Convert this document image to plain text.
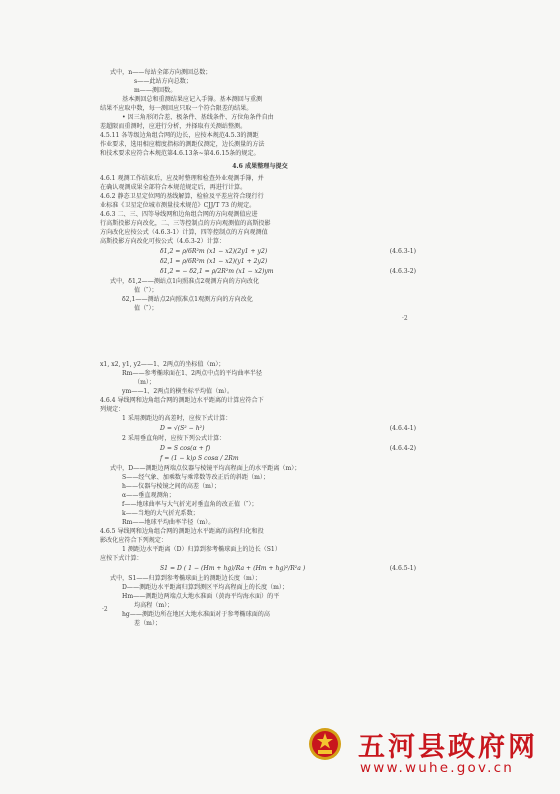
式中，n——每站全部方向测回总数；
s——此站方向总数；
m——测回数。
基本测回总和重测结果应记入手簿。基本测回与重测
结果不应取中数，每一测回应只取一个符合限差的结果。
• 因三角形闭合差、极条件、基线条件、方位角条件自由
差超限而重测时，应进行分析，并择取有关测站整测。
4.5.11 各等级边角组合网的边长，应按本规范4.5.3的测距
作业要求，选用相应精度指标的测距仪测定，边长测量的方法
和技术要求应符合本规范第4.6.13条~第4.6.15条的规定。
4.6 成果整理与提交
4.6.1 观测工作结束后，应及时整理和检查外业观测手簿，并
在确认观测成果全部符合本规范规定后，再进行计算。
4.6.2 静态卫星定位网的基线解算，检验及平差应符合现行行
业标准《卫星定位城市测量技术规范》CJJ/T 73 的规定。
4.6.3 二、三、四等导线网和边角组合网的方向观测值应进
行高斯投影方向改化，二、三等控制点的方向观测值的高斯投影
方向改化应按公式（4.6.3-1）计算，四等控制点的方向观测值
高斯投影方向改化可按公式（4.6.3-2）计算：
δ1,2 = ρ/6R²m (x1 − x2)(2y1 + y2)	(4.6.3-1)
δ2,1 = ρ/6R²m (x1 − x2)(y1 + 2y2)
δ1,2 = − δ2,1 = ρ/2R²m (x1 − x2)ym	(4.6.3-2)
式中，δ1,2——测站点1向照准点2观测方向的方向改化
值（″）；
δ2,1——测站点2向照准点1观测方向的方向改化
值（″）；
·2
x1, x2, y1, y2——1、2两点的坐标值（m）；
Rm——参考椭球面在1、2两点中点的平均曲率半径
（m）；
ym——1、2两点的横坐标平均值（m）。
4.6.4 导线网和边角组合网的测距边水平距离的计算应符合下
列规定：
1 采用测距边的高差时，应按下式计算：
D = √(S² − h²)	(4.6.4-1)
2 采用垂直角时，应按下列公式计算：
D = S cos(α + f)	(4.6.4-2)
f = (1 − k)ρ S cosα / 2Rm
式中，D——测距边两端点仪器与棱镜平均高程面上的水平距离（m）；
S——经气象、加乘数与乘常数等改正后的斜距（m）；
h——仪器与棱镜之间的高差（m）；
α——垂直观测角；
f——地球曲率与大气折光对垂直角的改正值（″）；
k——当地的大气折光系数；
Rm——地球平均曲率半径（m）。
4.6.5 导线网和边角组合网的测距边水平距离的高程归化和投
影改化应符合下列规定：
1 测距边水平距离（D）归算到参考椭球面上的边长（S1）
应按下式计算：
S1 = D ( 1 − (Hm + hg)/Ra + (Hm + hg)²/R²a )	(4.6.5-1)
式中，S1——归算到参考椭球面上的测距边长度（m）；
D——测距边水平距离归算到测区平均高程面上的长度（m）；
Hm——测距边两端点大地水准面（黄海平均海水面）的平
均高程（m）；
hg——测距边所在地区大地水准面对于参考椭球面的高
差（m）；
·2
五河县政府网
www.wuhe.gov.cn
